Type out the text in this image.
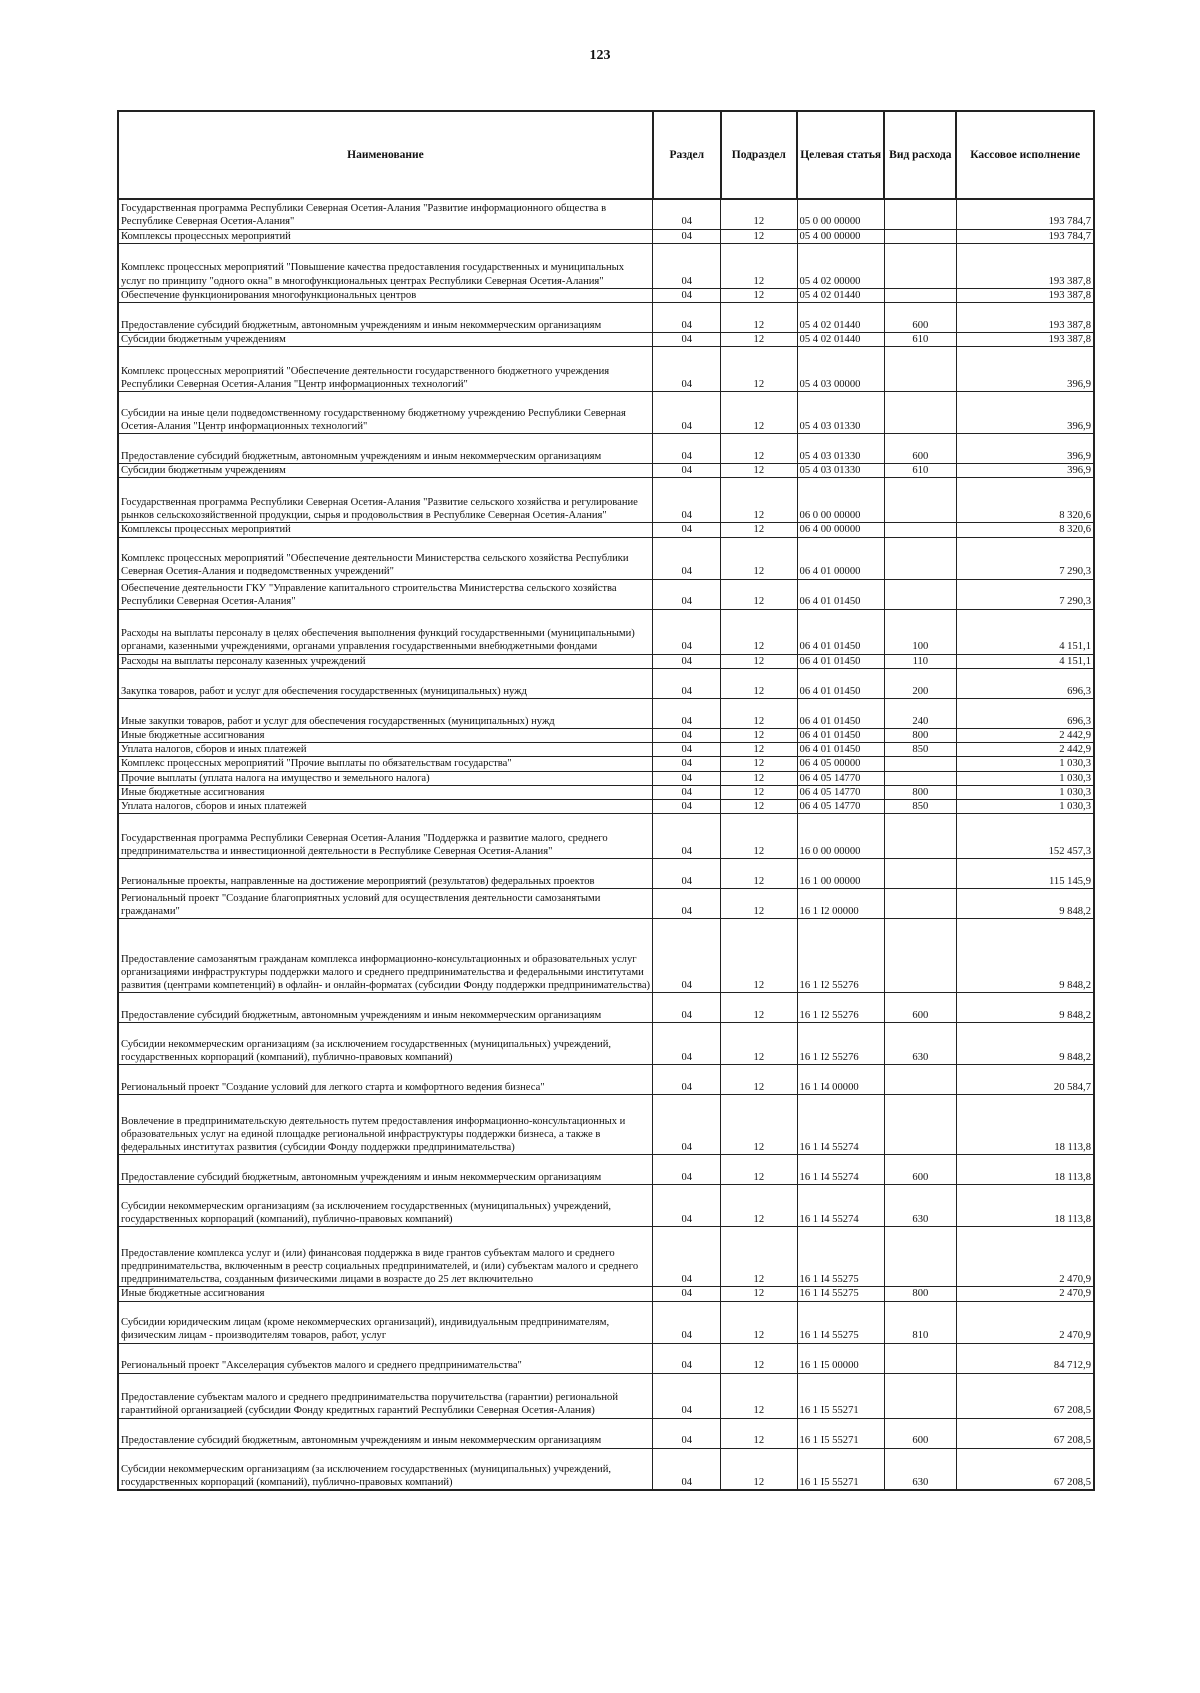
123
Наименование	Раздел	Подраздел	Целевая статья	Вид расхода	Кассовое исполнение
Государственная программа Республики Северная Осетия-Алания "Развитие информационного общества в Республике Северная Осетия-Алания"	04	12	05 0 00 00000		193 784,7
Комплексы процессных мероприятий	04	12	05 4 00 00000		193 784,7
Комплекс процессных мероприятий "Повышение качества предоставления государственных и муниципальных услуг по принципу "одного окна" в многофункциональных центрах Республики Северная Осетия-Алания"	04	12	05 4 02 00000		193 387,8
Обеспечение функционирования многофункциональных центров	04	12	05 4 02 01440		193 387,8
Предоставление субсидий бюджетным, автономным учреждениям и иным некоммерческим организациям	04	12	05 4 02 01440	600	193 387,8
Субсидии бюджетным учреждениям	04	12	05 4 02 01440	610	193 387,8
Комплекс процессных мероприятий "Обеспечение деятельности государственного бюджетного учреждения Республики Северная Осетия-Алания "Центр информационных технологий"	04	12	05 4 03 00000		396,9
Субсидии на иные цели подведомственному государственному бюджетному учреждению Республики Северная Осетия-Алания "Центр информационных технологий"	04	12	05 4 03 01330		396,9
Предоставление субсидий бюджетным, автономным учреждениям и иным некоммерческим организациям	04	12	05 4 03 01330	600	396,9
Субсидии бюджетным учреждениям	04	12	05 4 03 01330	610	396,9
Государственная программа Республики Северная Осетия-Алания "Развитие сельского хозяйства и регулирование рынков сельскохозяйственной продукции, сырья и продовольствия в Республике Северная Осетия-Алания"	04	12	06 0 00 00000		8 320,6
Комплексы процессных мероприятий	04	12	06 4 00 00000		8 320,6
Комплекс процессных мероприятий "Обеспечение деятельности Министерства сельского хозяйства Республики Северная Осетия-Алания и подведомственных учреждений"	04	12	06 4 01 00000		7 290,3
Обеспечение деятельности ГКУ "Управление капитального строительства Министерства сельского хозяйства Республики Северная Осетия-Алания"	04	12	06 4 01 01450		7 290,3
Расходы на выплаты персоналу в целях обеспечения выполнения функций государственными (муниципальными) органами, казенными учреждениями, органами управления государственными внебюджетными фондами	04	12	06 4 01 01450	100	4 151,1
Расходы на выплаты персоналу казенных учреждений	04	12	06 4 01 01450	110	4 151,1
Закупка товаров, работ и услуг для обеспечения государственных (муниципальных) нужд	04	12	06 4 01 01450	200	696,3
Иные закупки товаров, работ и услуг для обеспечения государственных (муниципальных) нужд	04	12	06 4 01 01450	240	696,3
Иные бюджетные ассигнования	04	12	06 4 01 01450	800	2 442,9
Уплата налогов, сборов и иных платежей	04	12	06 4 01 01450	850	2 442,9
Комплекс процессных мероприятий "Прочие выплаты по обязательствам государства"	04	12	06 4 05 00000		1 030,3
Прочие выплаты (уплата налога на имущество и земельного налога)	04	12	06 4 05 14770		1 030,3
Иные бюджетные ассигнования	04	12	06 4 05 14770	800	1 030,3
Уплата налогов, сборов и иных платежей	04	12	06 4 05 14770	850	1 030,3
Государственная программа Республики Северная Осетия-Алания "Поддержка и развитие малого, среднего предпринимательства и инвестиционной деятельности в Республике Северная Осетия-Алания"	04	12	16 0 00 00000		152 457,3
Региональные проекты, направленные на достижение мероприятий (результатов) федеральных проектов	04	12	16 1 00 00000		115 145,9
Региональный проект "Создание благоприятных условий для осуществления деятельности самозанятыми гражданами"	04	12	16 1 I2 00000		9 848,2
Предоставление самозанятым гражданам комплекса информационно-консультационных и образовательных услуг организациями инфраструктуры поддержки малого и среднего предпринимательства и федеральными институтами развития (центрами компетенций) в офлайн- и онлайн-форматах (субсидии Фонду поддержки предпринимательства)	04	12	16 1 I2 55276		9 848,2
Предоставление субсидий бюджетным, автономным учреждениям и иным некоммерческим организациям	04	12	16 1 I2 55276	600	9 848,2
Субсидии некоммерческим организациям (за исключением государственных (муниципальных) учреждений, государственных корпораций (компаний), публично-правовых компаний)	04	12	16 1 I2 55276	630	9 848,2
Региональный проект "Создание условий для легкого старта и комфортного ведения бизнеса"	04	12	16 1 I4 00000		20 584,7
Вовлечение в предпринимательскую деятельность путем предоставления информационно-консультационных и образовательных услуг на единой площадке региональной инфраструктуры поддержки бизнеса, а также в федеральных институтах развития (субсидии Фонду поддержки предпринимательства)	04	12	16 1 I4 55274		18 113,8
Предоставление субсидий бюджетным, автономным учреждениям и иным некоммерческим организациям	04	12	16 1 I4 55274	600	18 113,8
Субсидии некоммерческим организациям (за исключением государственных (муниципальных) учреждений, государственных корпораций (компаний), публично-правовых компаний)	04	12	16 1 I4 55274	630	18 113,8
Предоставление комплекса услуг и (или) финансовая поддержка в виде грантов субъектам малого и среднего предпринимательства, включенным в реестр социальных предпринимателей, и (или) субъектам малого и среднего предпринимательства, созданным физическими лицами в возрасте до 25 лет включительно	04	12	16 1 I4 55275		2 470,9
Иные бюджетные ассигнования	04	12	16 1 I4 55275	800	2 470,9
Субсидии юридическим лицам (кроме некоммерческих организаций), индивидуальным предпринимателям, физическим лицам - производителям товаров, работ, услуг	04	12	16 1 I4 55275	810	2 470,9
Региональный проект "Акселерация субъектов малого и среднего предпринимательства"	04	12	16 1 I5 00000		84 712,9
Предоставление субъектам малого и среднего предпринимательства поручительства (гарантии) региональной гарантийной организацией (субсидии Фонду кредитных гарантий Республики Северная Осетия-Алания)	04	12	16 1 I5 55271		67 208,5
Предоставление субсидий бюджетным, автономным учреждениям и иным некоммерческим организациям	04	12	16 1 I5 55271	600	67 208,5
Субсидии некоммерческим организациям (за исключением государственных (муниципальных) учреждений, государственных корпораций (компаний), публично-правовых компаний)	04	12	16 1 I5 55271	630	67 208,5
